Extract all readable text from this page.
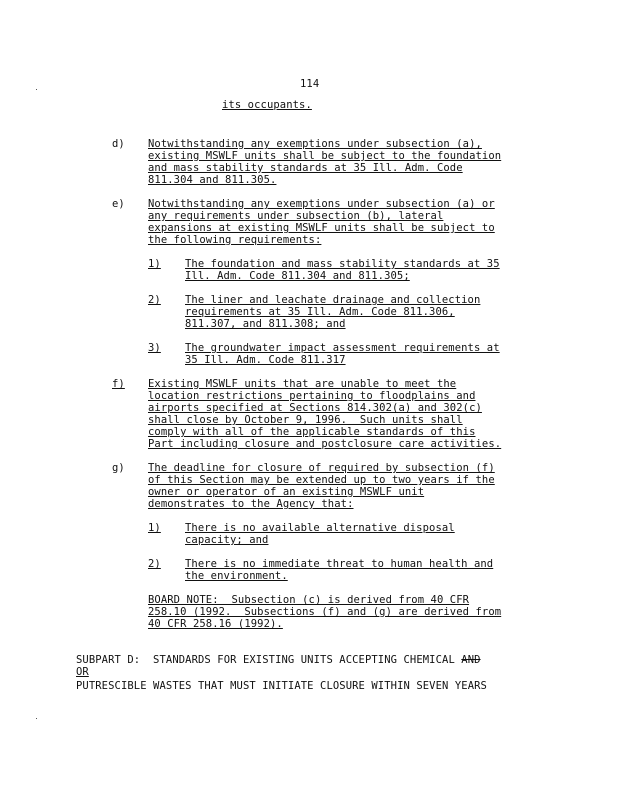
114
its occupants.
d) Notwithstanding any exemptions under subsection (a),
existing MSWLF units shall be subject to the foundation
and mass stability standards at 35 Ill. Adm. Code
811.304 and 811.305.
e) Notwithstanding any exemptions under subsection (a) or
any requirements under subsection (b), lateral
expansions at existing MSWLF units shall be subject to
the following requirements:
1) The foundation and mass stability standards at 35
Ill. Adm. Code 811.304 and 811.305;
2) The liner and leachate drainage and collection
requirements at 35 Ill. Adm. Code 811.306,
811.307, and 811.308; and
3) The groundwater impact assessment requirements at
35 Ill. Adm. Code 811.317
f) Existing MSWLF units that are unable to meet the
location restrictions pertaining to floodplains and
airports specified at Sections 814.302(a) and 302(c)
shall close by October 9, 1996.  Such units shall
comply with all of the applicable standards of this
Part including closure and postclosure care activities.
g) The deadline for closure of required by subsection (f)
of this Section may be extended up to two years if the
owner or operator of an existing MSWLF unit
demonstrates to the Agency that:
1) There is no available alternative disposal
capacity; and
2) There is no immediate threat to human health and
the environment.
BOARD NOTE:  Subsection (c) is derived from 40 CFR
258.10 (1992.  Subsections (f) and (g) are derived from
40 CFR 258.16 (1992).
SUBPART D:  STANDARDS FOR EXISTING UNITS ACCEPTING CHEMICAL AND
OR
PUTRESCIBLE WASTES THAT MUST INITIATE CLOSURE WITHIN SEVEN YEARS
